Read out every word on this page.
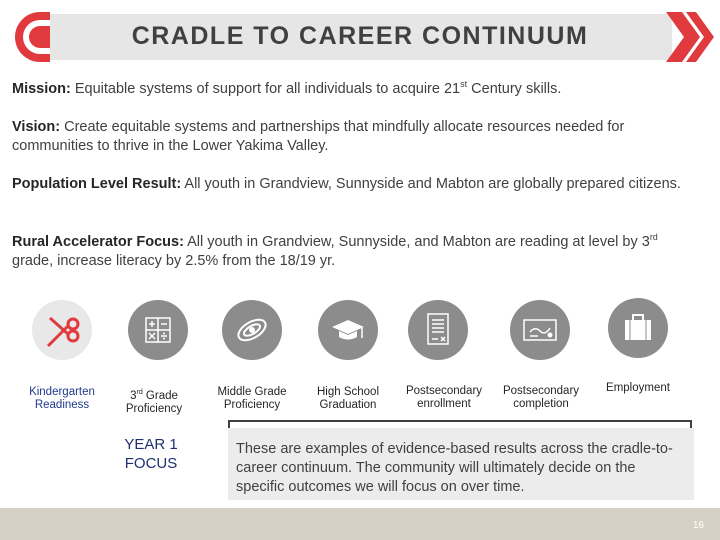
CRADLE TO CAREER CONTINUUM
Mission: Equitable systems of support for all individuals to acquire 21st Century skills.
Vision: Create equitable systems and partnerships that mindfully allocate resources needed for communities to thrive in the Lower Yakima Valley.
Population Level Result: All youth in Grandview, Sunnyside and Mabton are globally prepared citizens.
Rural Accelerator Focus: All youth in Grandview, Sunnyside, and Mabton are reading at level by 3rd grade, increase literacy by 2.5% from the 18/19 yr.
Kindergarten
Readiness
3rd Grade
Proficiency
Middle Grade
Proficiency
High School
Graduation
Postsecondary
enrollment
Postsecondary
completion
Employment
YEAR 1
FOCUS
These are examples of evidence-based results across the cradle-to-career continuum. The community will ultimately decide on the specific outcomes we will focus on over time.
16
